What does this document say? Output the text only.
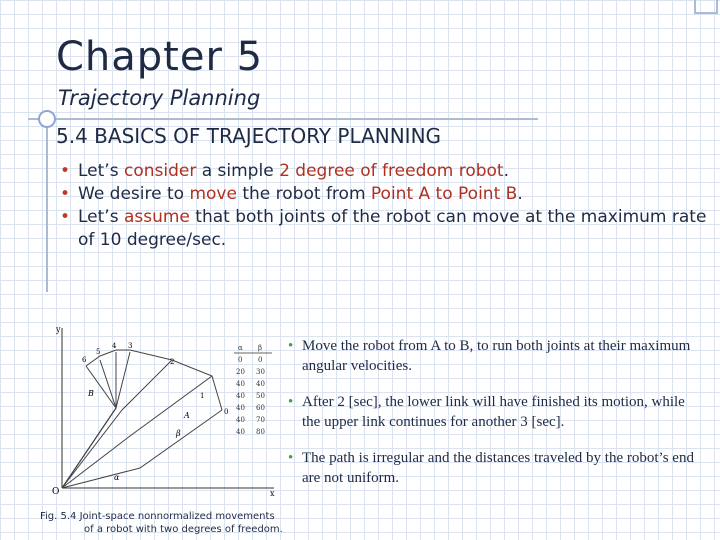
Chapter 5
Trajectory Planning
5.4 BASICS OF TRAJECTORY PLANNING
• Let’s consider a simple 2 degree of freedom robot.
• We desire to move the robot from Point A to Point B.
• Let’s assume that both joints of the robot can move at the maximum rate of 10 degree/sec.
x
y
O
6
5
4 3
2
1
0
A
B
α
β
α β
0 0
20 30
40 40
40 50
40 60
40 70
40 80
Fig. 5.4 Joint-space nonnormalized movements
of a robot with two degrees of freedom.
• Move the robot from A to B, to run both joints at their maximum angular velocities.
• After 2 [sec], the lower link will have finished its motion, while the upper link continues for another 3 [sec].
• The path is irregular and the distances traveled by the robot’s end are not uniform.
